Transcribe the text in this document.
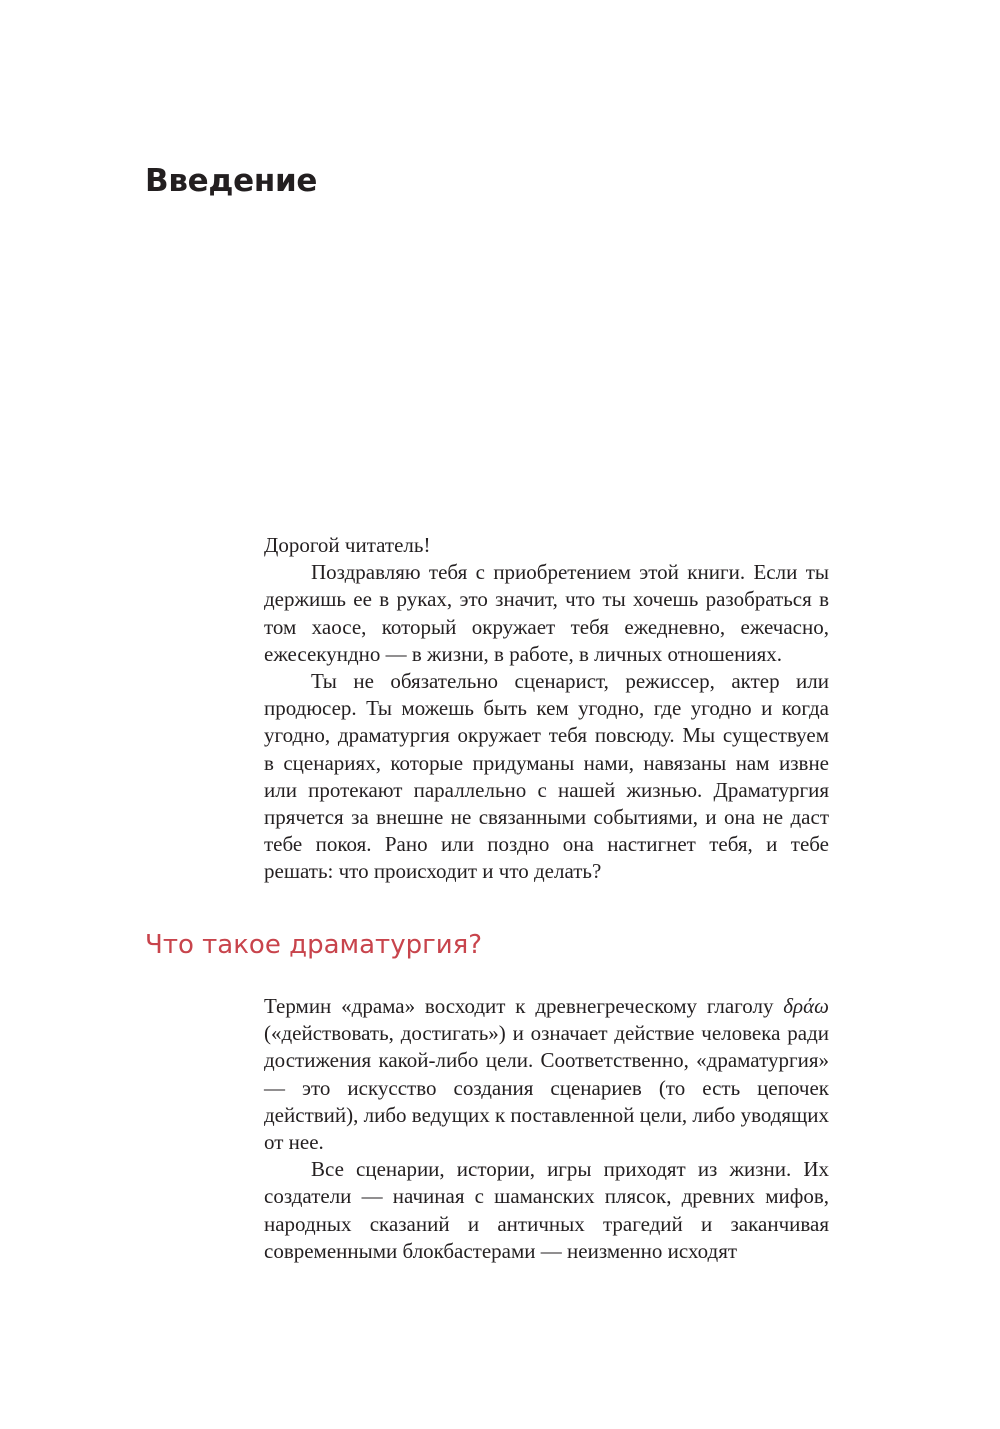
Введение

Дорогой читатель!

Поздравляю тебя с приобретением этой книги. Если ты держишь ее в руках, это значит, что ты хочешь разобраться в том хаосе, который окружает тебя ежедневно, ежечасно, ежесекундно — в жизни, в работе, в личных отношениях.

Ты не обязательно сценарист, режиссер, актер или продюсер. Ты можешь быть кем угодно, где угодно и когда угодно, драматургия окружает тебя повсюду. Мы существуем в сценариях, которые придуманы нами, навязаны нам извне или протекают параллельно с нашей жизнью. Драматургия прячется за внешне не связанными событиями, и она не даст тебе покоя. Рано или поздно она настигнет тебя, и тебе решать: что происходит и что делать?

Что такое драматургия?

Термин «драма» восходит к древнегреческому глаголу δράω («действовать, достигать») и означает действие человека ради достижения какой-либо цели. Соответственно, «драматургия» — это искусство создания сценариев (то есть цепочек действий), либо ведущих к поставленной цели, либо уводящих от нее.

Все сценарии, истории, игры приходят из жизни. Их создатели — начиная с шаманских плясок, древних мифов, народных сказаний и античных трагедий и заканчивая современными блокбастерами — неизменно исходят
